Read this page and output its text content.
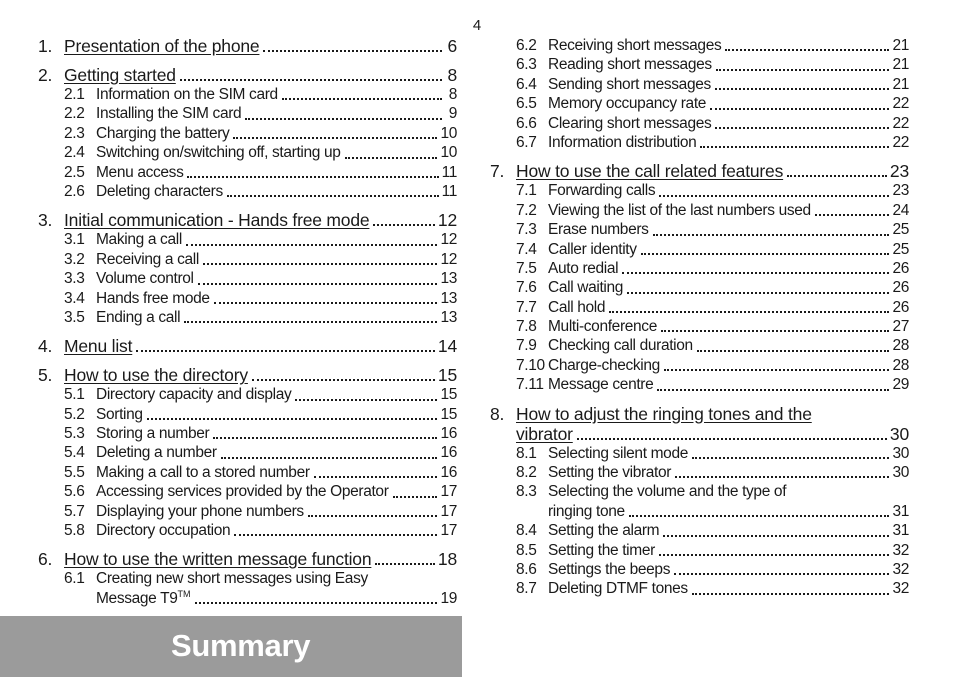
4
1. Presentation of the phone	6
2. Getting started	8
2.1 Information on the SIM card	8
2.2 Installing the SIM card	9
2.3 Charging the battery	10
2.4 Switching on/switching off, starting up	10
2.5 Menu access	11
2.6 Deleting characters	11
3. Initial communication - Hands free mode	12
3.1 Making a call	12
3.2 Receiving a call	12
3.3 Volume control	13
3.4 Hands free mode	13
3.5 Ending a call	13
4. Menu list	14
5. How to use the directory	15
5.1 Directory capacity and display	15
5.2 Sorting	15
5.3 Storing a number	16
5.4 Deleting a number	16
5.5 Making a call to a stored number	16
5.6 Accessing services provided by the Operator	17
5.7 Displaying your phone numbers	17
5.8 Directory occupation	17
6. How to use the written message function	18
6.1 Creating new short messages using Easy
Message T9™	19
6.2 Receiving short messages	21
6.3 Reading short messages	21
6.4 Sending short messages	21
6.5 Memory occupancy rate	22
6.6 Clearing short messages	22
6.7 Information distribution	22
7. How to use the call related features	23
7.1 Forwarding calls	23
7.2 Viewing the list of the last numbers used	24
7.3 Erase numbers	25
7.4 Caller identity	25
7.5 Auto redial	26
7.6 Call waiting	26
7.7 Call hold	26
7.8 Multi-conference	27
7.9 Checking call duration	28
7.10 Charge-checking	28
7.11 Message centre	29
8. How to adjust the ringing tones and the
vibrator	30
8.1 Selecting silent mode	30
8.2 Setting the vibrator	30
8.3 Selecting the volume and the type of
ringing tone	31
8.4 Setting the alarm	31
8.5 Setting the timer	32
8.6 Settings the beeps	32
8.7 Deleting DTMF tones	32
Summary
